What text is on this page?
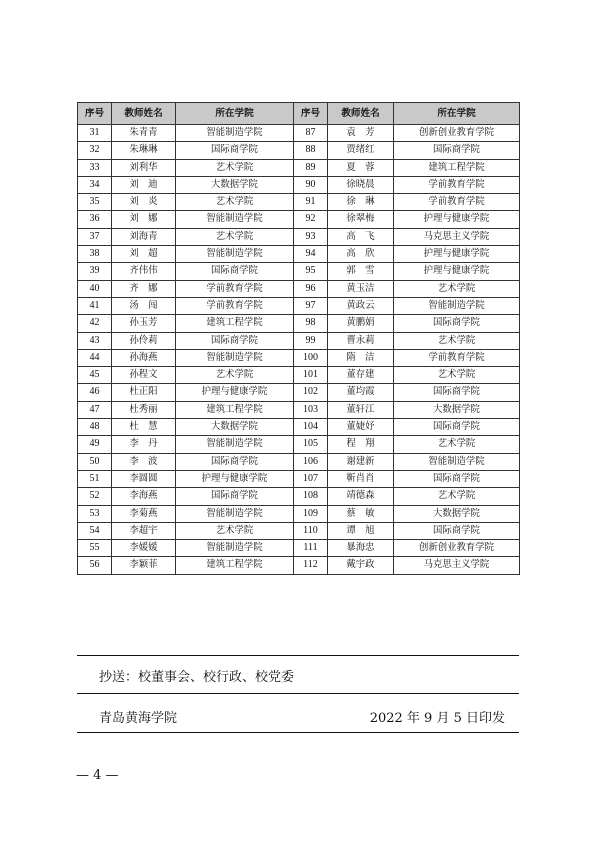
序号	教师姓名	所在学院	序号	教师姓名	所在学院
31	朱青青	智能制造学院	87	袁　芳	创新创业教育学院
32	朱琳琳	国际商学院	88	贾绪红	国际商学院
33	刘利华	艺术学院	89	夏　蓉	建筑工程学院
34	刘　迪	大数据学院	90	徐晓晨	学前教育学院
35	刘　炎	艺术学院	91	徐　琳	学前教育学院
36	刘　娜	智能制造学院	92	徐翠梅	护理与健康学院
37	刘海青	艺术学院	93	高　飞	马克思主义学院
38	刘　超	智能制造学院	94	高　欣	护理与健康学院
39	齐伟伟	国际商学院	95	郭　雪	护理与健康学院
40	齐　娜	学前教育学院	96	黄玉洁	艺术学院
41	汤　闯	学前教育学院	97	黄政云	智能制造学院
42	孙玉芳	建筑工程学院	98	黄鹏娟	国际商学院
43	孙伶莉	国际商学院	99	曹永莉	艺术学院
44	孙海燕	智能制造学院	100	隋　洁	学前教育学院
45	孙程文	艺术学院	101	董存建	艺术学院
46	杜正阳	护理与健康学院	102	董均霞	国际商学院
47	杜秀丽	建筑工程学院	103	董轩江	大数据学院
48	杜　慧	大数据学院	104	董婕妤	国际商学院
49	李　丹	智能制造学院	105	程　翔	艺术学院
50	李　波	国际商学院	106	谢建新	智能制造学院
51	李圆圆	护理与健康学院	107	靳肖肖	国际商学院
52	李海燕	国际商学院	108	靖德森	艺术学院
53	李菊燕	智能制造学院	109	蔡　敏	大数据学院
54	李超宇	艺术学院	110	谭　旭	国际商学院
55	李媛媛	智能制造学院	111	暴海忠	创新创业教育学院
56	李颖菲	建筑工程学院	112	戴宇政	马克思主义学院
抄送：校董事会、校行政、校党委
青岛黄海学院	2022 年 9 月 5 日印发
— 4 —
